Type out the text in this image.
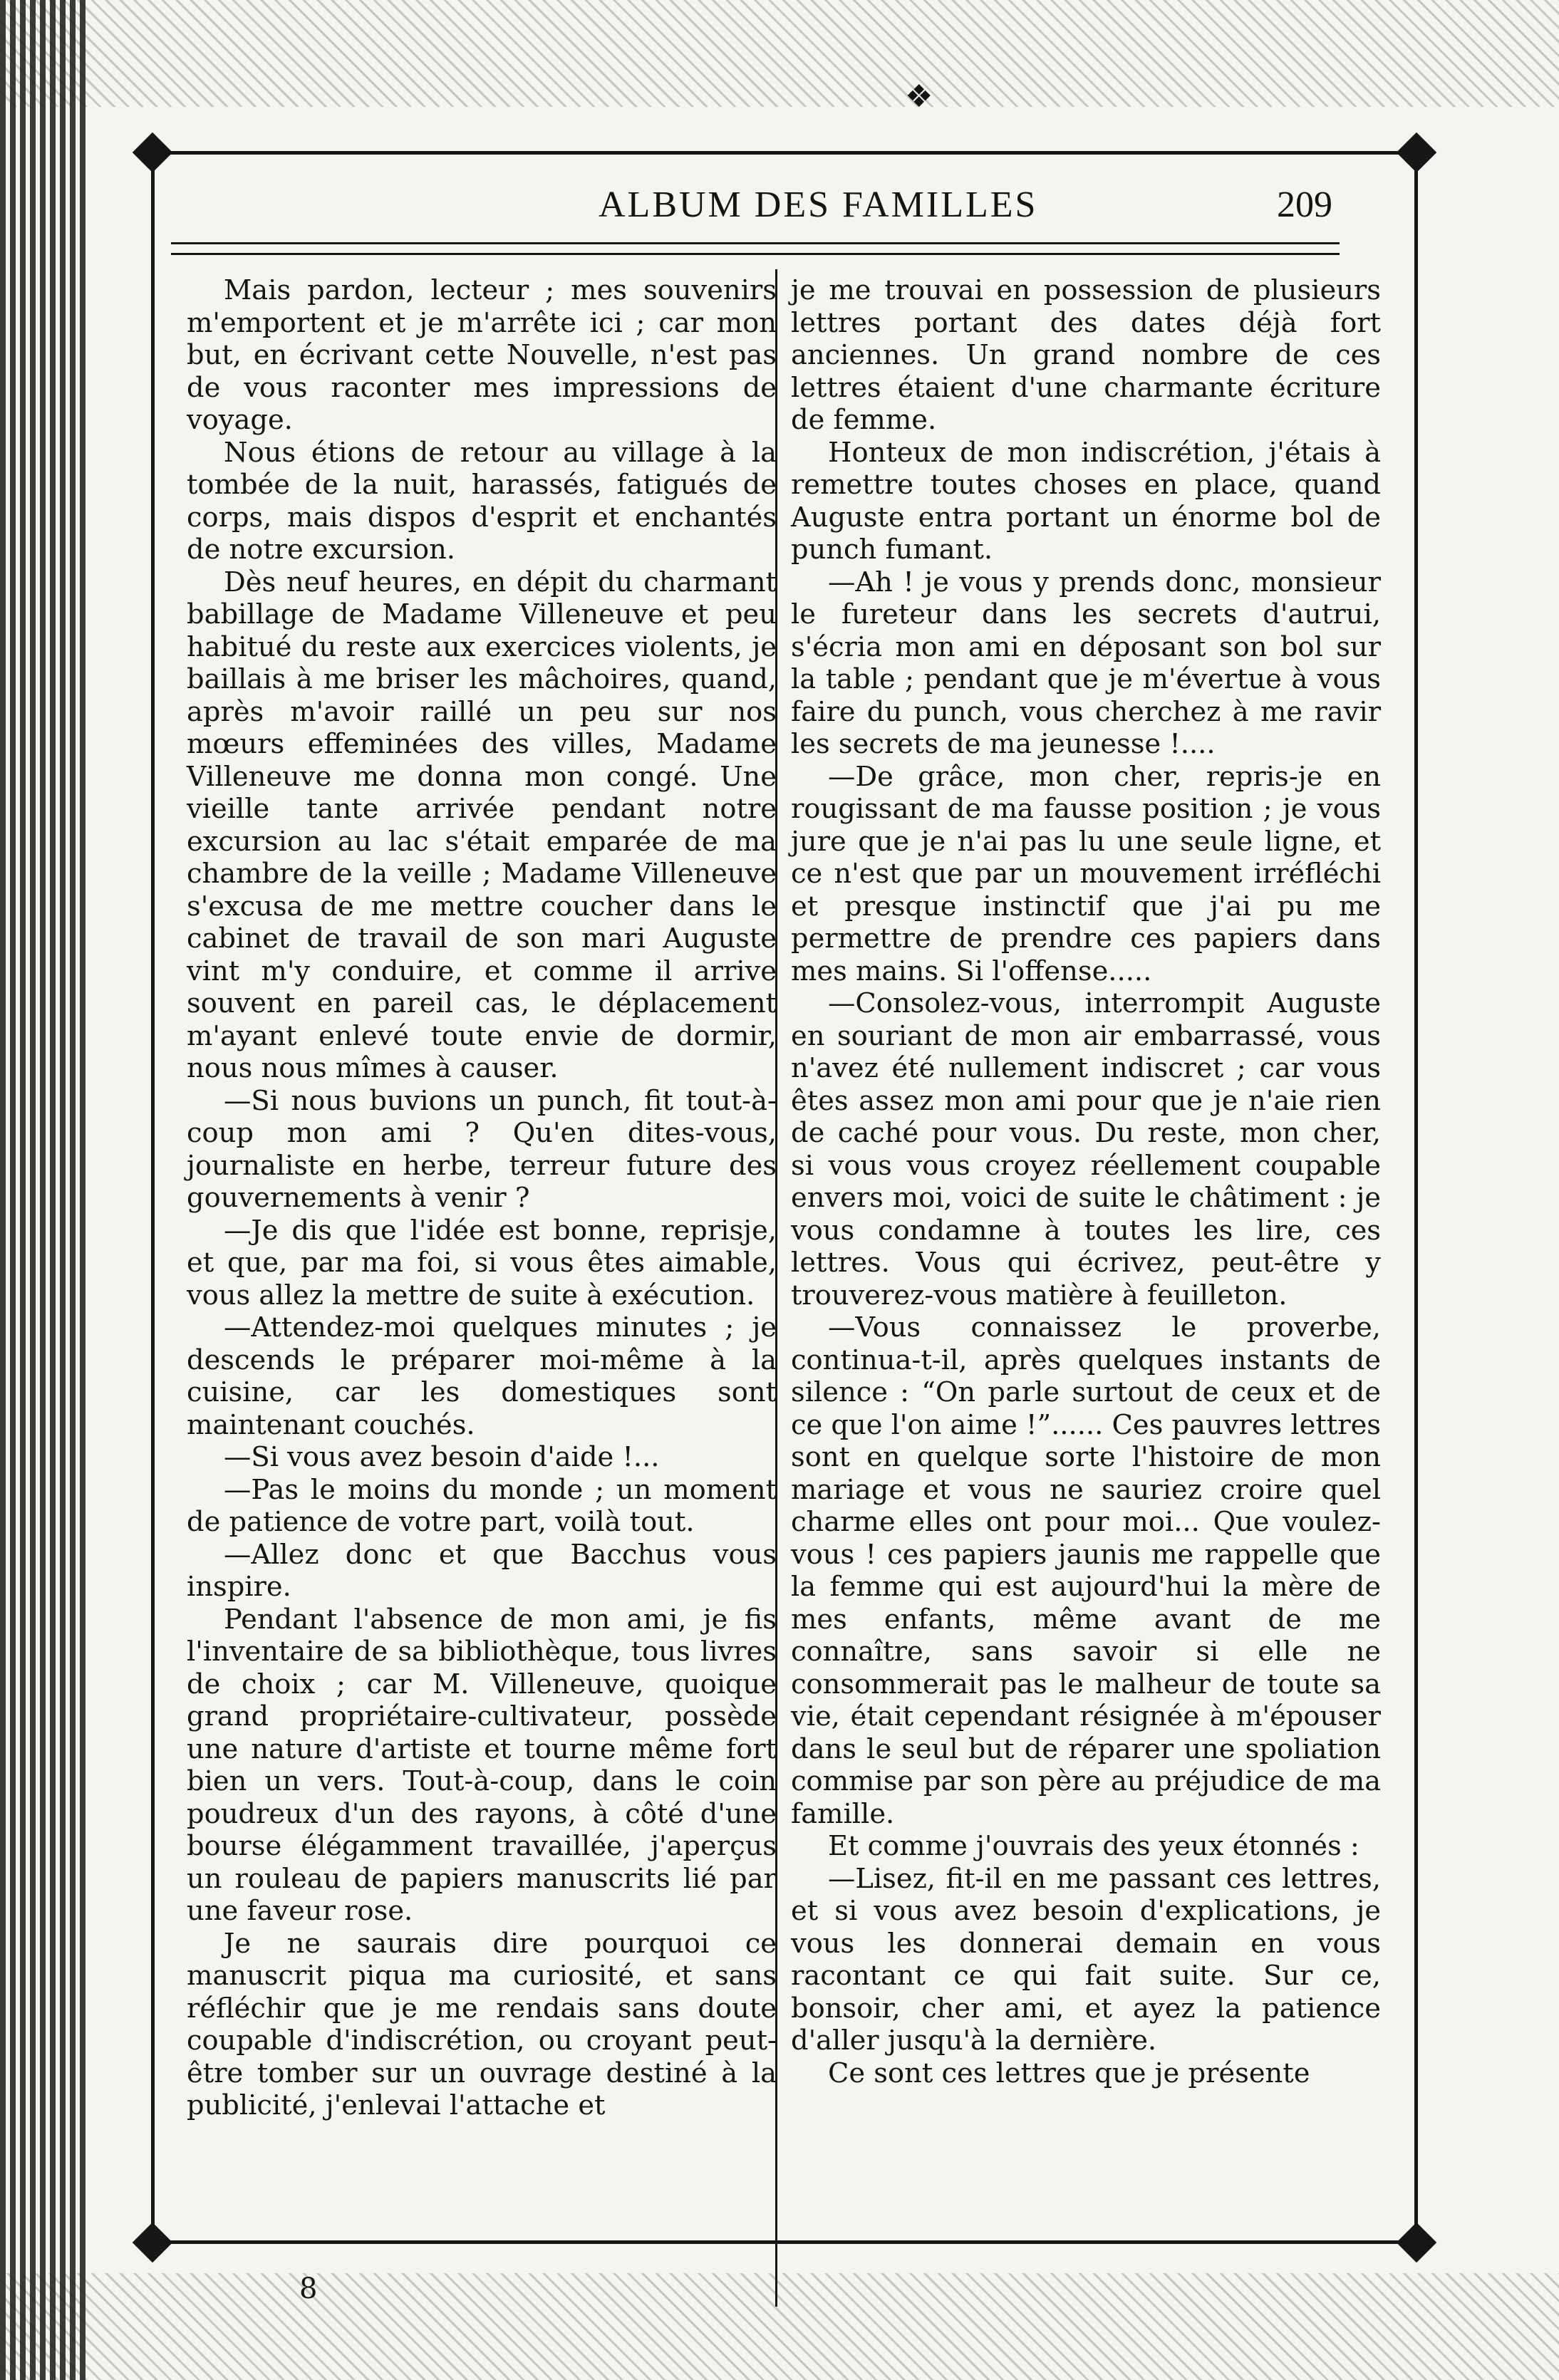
❖
ALBUM DES FAMILLES	209

Mais pardon, lecteur ; mes souvenirs m'emportent et je m'arrête ici ; car mon but, en écrivant cette Nouvelle, n'est pas de vous raconter mes impressions de voyage.

Nous étions de retour au village à la tombée de la nuit, harassés, fatigués de corps, mais dispos d'esprit et enchantés de notre excursion.

Dès neuf heures, en dépit du charmant babillage de Madame Villeneuve et peu habitué du reste aux exercices violents, je baillais à me briser les mâchoires, quand, après m'avoir raillé un peu sur nos mœurs effeminées des villes, Madame Villeneuve me donna mon congé. Une vieille tante arrivée pendant notre excursion au lac s'était emparée de ma chambre de la veille ; Madame Villeneuve s'excusa de me mettre coucher dans le cabinet de travail de son mari Auguste vint m'y conduire, et comme il arrive souvent en pareil cas, le déplacement m'ayant enlevé toute envie de dormir, nous nous mîmes à causer.

—Si nous buvions un punch, fit tout-à-coup mon ami ? Qu'en dites-vous, journaliste en herbe, terreur future des gouvernements à venir ?

—Je dis que l'idée est bonne, reprisje, et que, par ma foi, si vous êtes aimable, vous allez la mettre de suite à exécution.

—Attendez-moi quelques minutes ; je descends le préparer moi-même à la cuisine, car les domestiques sont maintenant couchés.

—Si vous avez besoin d'aide !...

—Pas le moins du monde ; un moment de patience de votre part, voilà tout.

—Allez donc et que Bacchus vous inspire.

Pendant l'absence de mon ami, je fis l'inventaire de sa bibliothèque, tous livres de choix ; car M. Villeneuve, quoique grand propriétaire-cultivateur, possède une nature d'artiste et tourne même fort bien un vers. Tout-à-coup, dans le coin poudreux d'un des rayons, à côté d'une bourse élégamment travaillée, j'aperçus un rouleau de papiers manuscrits lié par une faveur rose.

Je ne saurais dire pourquoi ce manuscrit piqua ma curiosité, et sans réfléchir que je me rendais sans doute coupable d'indiscrétion, ou croyant peut-être tomber sur un ouvrage destiné à la publicité, j'enlevai l'attache et

je me trouvai en possession de plusieurs lettres portant des dates déjà fort anciennes. Un grand nombre de ces lettres étaient d'une charmante écriture de femme.

Honteux de mon indiscrétion, j'étais à remettre toutes choses en place, quand Auguste entra portant un énorme bol de punch fumant.

—Ah ! je vous y prends donc, monsieur le fureteur dans les secrets d'autrui, s'écria mon ami en déposant son bol sur la table ; pendant que je m'évertue à vous faire du punch, vous cherchez à me ravir les secrets de ma jeunesse !....

—De grâce, mon cher, repris-je en rougissant de ma fausse position ; je vous jure que je n'ai pas lu une seule ligne, et ce n'est que par un mouvement irréfléchi et presque instinctif que j'ai pu me permettre de prendre ces papiers dans mes mains. Si l'offense.....

—Consolez-vous, interrompit Auguste en souriant de mon air embarrassé, vous n'avez été nullement indiscret ; car vous êtes assez mon ami pour que je n'aie rien de caché pour vous. Du reste, mon cher, si vous vous croyez réellement coupable envers moi, voici de suite le châtiment : je vous condamne à toutes les lire, ces lettres. Vous qui écrivez, peut-être y trouverez-vous matière à feuilleton.

—Vous connaissez le proverbe, continua-t-il, après quelques instants de silence : “On parle surtout de ceux et de ce que l'on aime !”...... Ces pauvres lettres sont en quelque sorte l'histoire de mon mariage et vous ne sauriez croire quel charme elles ont pour moi... Que voulez-vous ! ces papiers jaunis me rappelle que la femme qui est aujourd'hui la mère de mes enfants, même avant de me connaître, sans savoir si elle ne consommerait pas le malheur de toute sa vie, était cependant résignée à m'épouser dans le seul but de réparer une spoliation commise par son père au préjudice de ma famille.

Et comme j'ouvrais des yeux étonnés :

—Lisez, fit-il en me passant ces lettres, et si vous avez besoin d'explications, je vous les donnerai demain en vous racontant ce qui fait suite. Sur ce, bonsoir, cher ami, et ayez la patience d'aller jusqu'à la dernière.

Ce sont ces lettres que je présente

8
